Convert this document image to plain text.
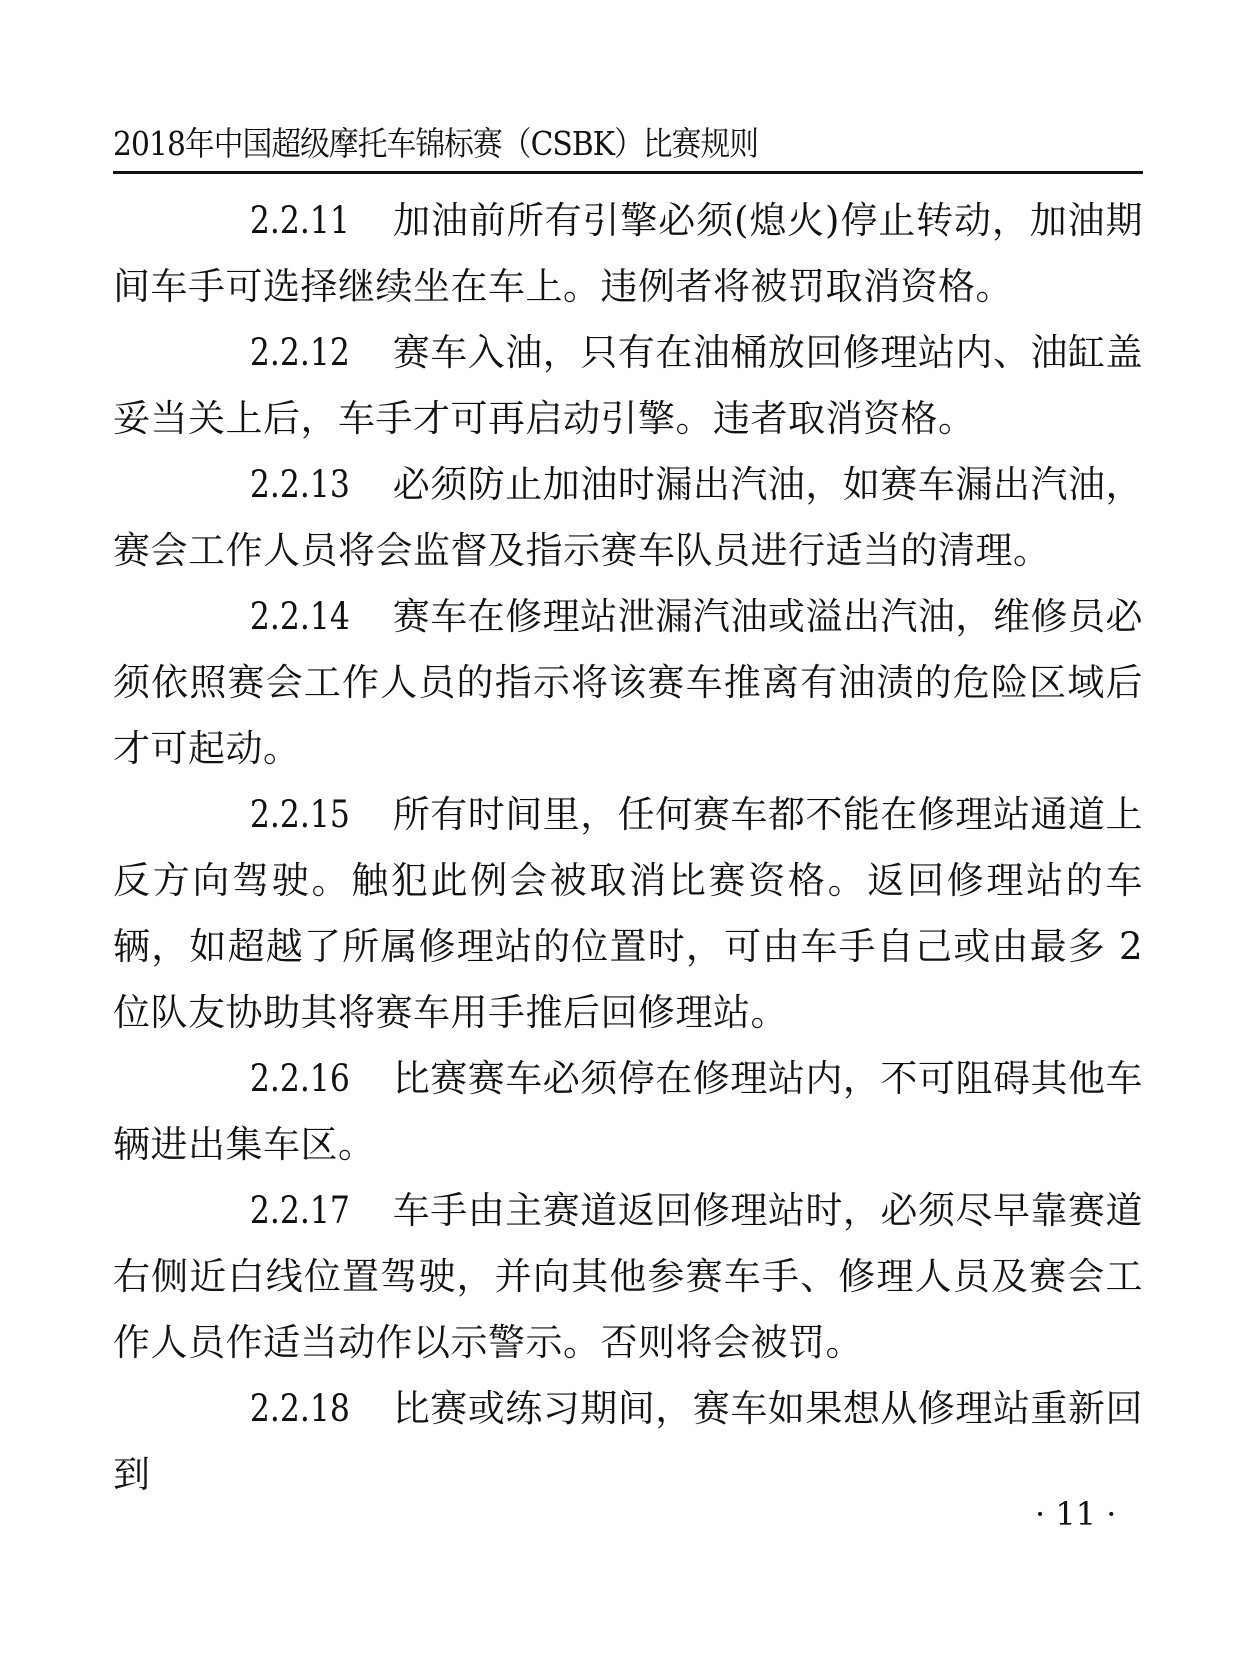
2018年中国超级摩托车锦标赛（CSBK）比赛规则

2.2.11 加油前所有引擎必须(熄火)停止转动，加油期间车手可选择继续坐在车上。违例者将被罚取消资格。

2.2.12 赛车入油，只有在油桶放回修理站内、油缸盖妥当关上后，车手才可再启动引擎。违者取消资格。

2.2.13 必须防止加油时漏出汽油，如赛车漏出汽油，赛会工作人员将会监督及指示赛车队员进行适当的清理。

2.2.14 赛车在修理站泄漏汽油或溢出汽油，维修员必须依照赛会工作人员的指示将该赛车推离有油渍的危险区域后才可起动。

2.2.15 所有时间里，任何赛车都不能在修理站通道上反方向驾驶。触犯此例会被取消比赛资格。返回修理站的车辆，如超越了所属修理站的位置时，可由车手自己或由最多 2 位队友协助其将赛车用手推后回修理站。

2.2.16 比赛赛车必须停在修理站内，不可阻碍其他车辆进出集车区。

2.2.17 车手由主赛道返回修理站时，必须尽早靠赛道右侧近白线位置驾驶，并向其他参赛车手、修理人员及赛会工作人员作适当动作以示警示。否则将会被罚。

2.2.18 比赛或练习期间，赛车如果想从修理站重新回到

· 11 ·
